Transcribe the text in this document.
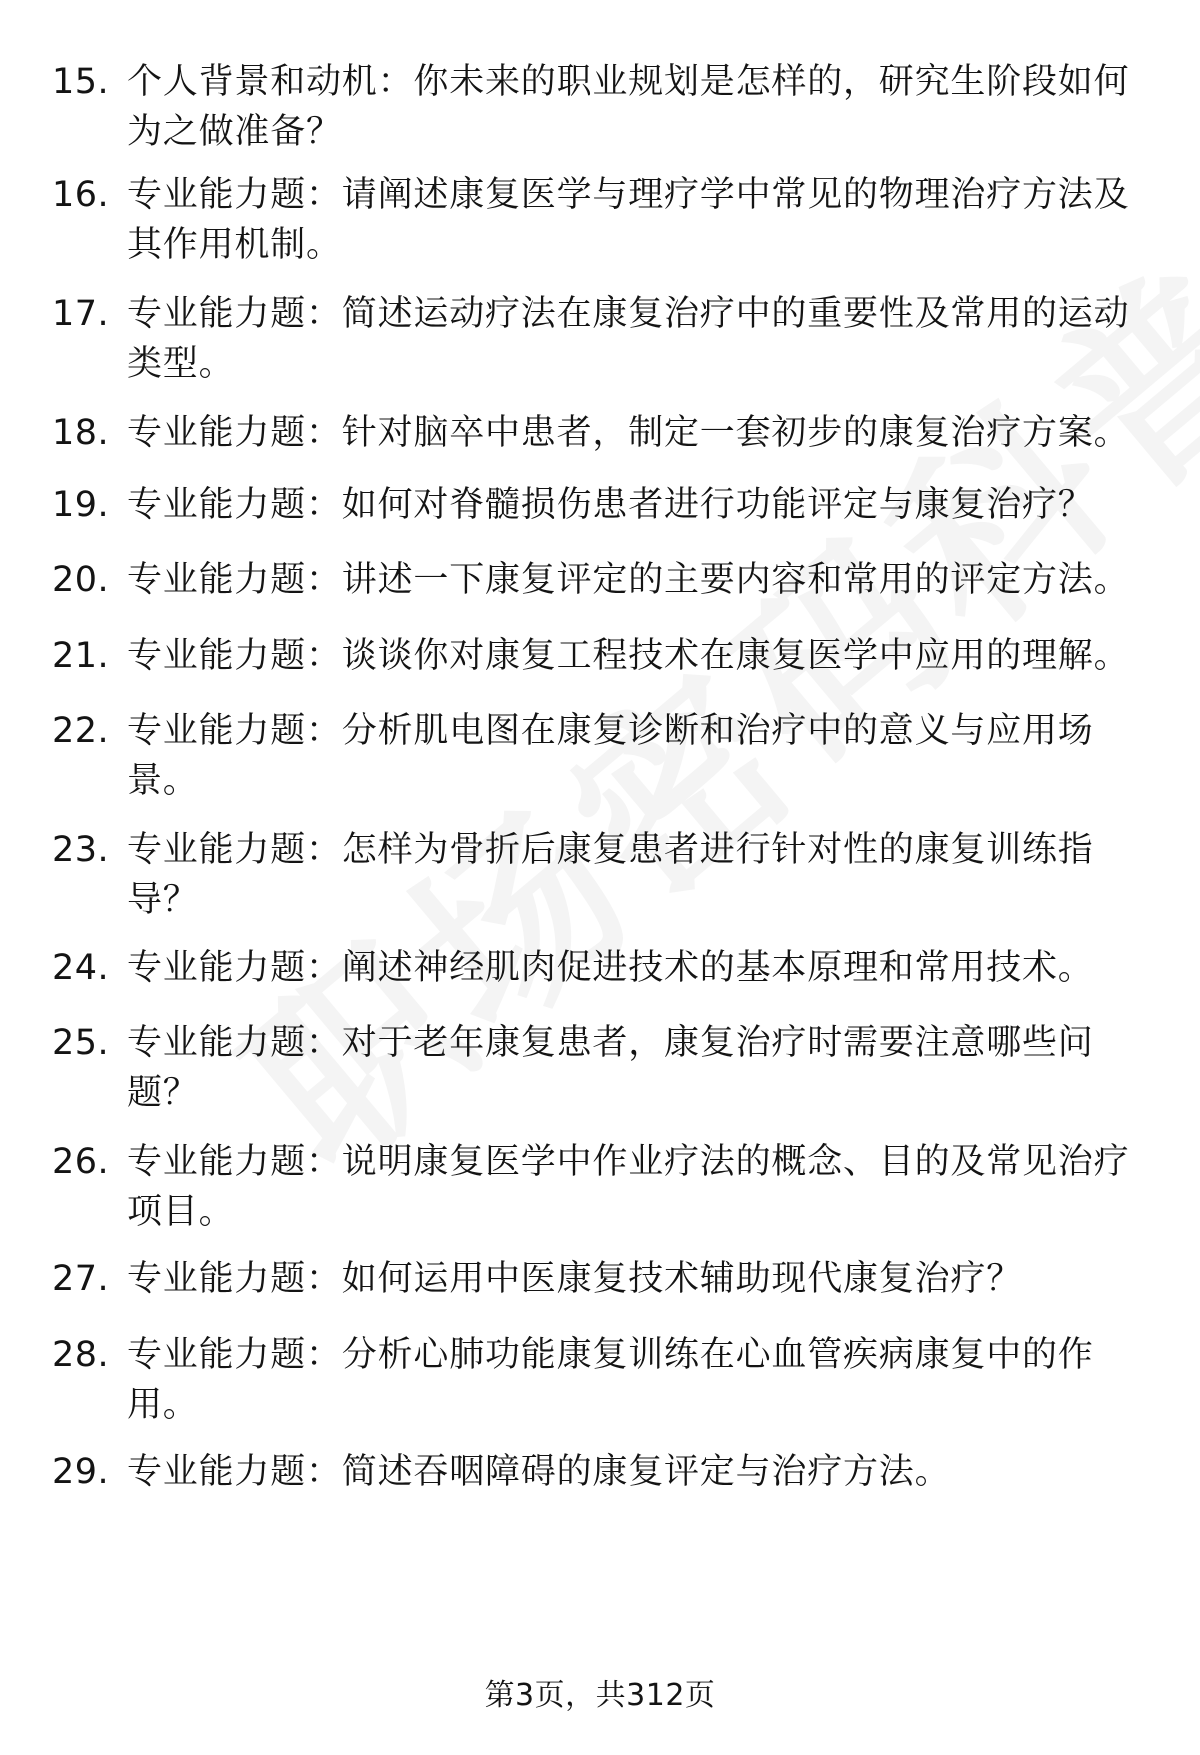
15. 个人背景和动机：你未来的职业规划是怎样的，研究生阶段如何为之做准备？
16. 专业能力题：请阐述康复医学与理疗学中常见的物理治疗方法及其作用机制。
17. 专业能力题：简述运动疗法在康复治疗中的重要性及常用的运动类型。
18. 专业能力题：针对脑卒中患者，制定一套初步的康复治疗方案。
19. 专业能力题：如何对脊髓损伤患者进行功能评定与康复治疗？
20. 专业能力题：讲述一下康复评定的主要内容和常用的评定方法。
21. 专业能力题：谈谈你对康复工程技术在康复医学中应用的理解。
22. 专业能力题：分析肌电图在康复诊断和治疗中的意义与应用场景。
23. 专业能力题：怎样为骨折后康复患者进行针对性的康复训练指导？
24. 专业能力题：阐述神经肌肉促进技术的基本原理和常用技术。
25. 专业能力题：对于老年康复患者，康复治疗时需要注意哪些问题？
26. 专业能力题：说明康复医学中作业疗法的概念、目的及常见治疗项目。
27. 专业能力题：如何运用中医康复技术辅助现代康复治疗？
28. 专业能力题：分析心肺功能康复训练在心血管疾病康复中的作用。
29. 专业能力题：简述吞咽障碍的康复评定与治疗方法。
第3页，共312页
